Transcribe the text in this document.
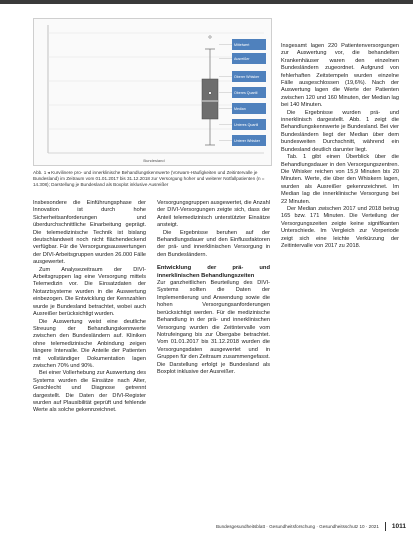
Mittelwert
Ausreißer
Oberer Whisker
Oberes Quartil
Median
Unteres Quartil
Unterer Whisker
Bundesland
Abb. 1 ◂ Kurvilinere pro- und innerklinische Behandlungskennwerte (Vorwarn-Häufigkeiten und Zeitintervalle je Bundesland) im Zeitraum vom 01.01.2017 bis 31.12.2018 zur Versorgung hoher und weiterer Notfallpatienten (n = 14.308); Darstellung je Bundesland als Boxplot inklusive Ausreißer

Insbesondere die Einführungsphase der Innovation ist durch hohe Sicherheitsanforderungen und überdurchschnittliche Einarbeitung geprägt. Die telemedizinische Technik ist bislang deutschlandweit noch nicht flächendeckend verfügbar. Für die Versorgungsauswertungen der DIVI-Arbeitsgruppen wurden 26.000 Fälle ausgewertet.

Zum Analysezeitraum der DIVI-Arbeitsgruppen lag eine Versorgung mittels Telemedizin vor. Die Einsatzdaten der Notarztsysteme wurden in die Auswertung einbezogen. Die Entwicklung der Kennzahlen wurde je Bundesland betrachtet, wobei auch Ausreißer berücksichtigt wurden.

Die Auswertung weist eine deutliche Streuung der Behandlungskennwerte zwischen den Bundesländern auf. Kliniken ohne telemedizinische Anbindung zeigen längere Intervalle. Die Anteile der Patienten mit vollständiger Dokumentation lagen zwischen 70% und 90%.

Bei einer Vollerhebung zur Auswertung des Systems wurden die Einsätze nach Alter, Geschlecht und Diagnose getrennt dargestellt. Die Daten der DIVI-Register wurden auf Plausibilität geprüft und fehlende Werte als solche gekennzeichnet.

Versorgungsgruppen ausgewertet, die Anzahl der DIVI-Versorgungen zeigte sich, dass der Anteil telemedizinisch unterstützter Einsätze ansteigt.

Die Ergebnisse beruhen auf der Behandlungsdauer und den Einflussfaktoren der prä- und innerklinischen Versorgung in den Bundesländern.

Entwicklung der prä- und innerklinischen Behandlungszeiten

Zur ganzheitlichen Beurteilung des DIVI-Systems sollten die Daten der Implementierung und Anwendung sowie die hohen Versorgungsanforderungen berücksichtigt werden. Für die medizinische Behandlung in der prä- und innerklinischen Versorgung wurden die Zeitintervalle vom Notrufeingang bis zur Übergabe betrachtet. Vom 01.01.2017 bis 31.12.2018 wurden die Versorgungsdaten ausgewertet und in Gruppen für den Zeitraum zusammengefasst. Die Darstellung erfolgt je Bundesland als Boxplot inklusive der Ausreißer.

Insgesamt lagen 220 Patientenversorgungen zur Auswertung vor, die behandelten Krankenhäuser waren den einzelnen Bundesländern zugeordnet. Aufgrund von fehlerhaften Zeitstempeln wurden einzelne Fälle ausgeschlossen (19,6%). Nach der Auswertung lagen die Werte der Patienten zwischen 120 und 160 Minuten, der Median lag bei 140 Minuten.

Die Ergebnisse wurden prä- und innerklinisch dargestellt. Abb. 1 zeigt die Behandlungskennwerte je Bundesland. Bei vier Bundesländern liegt der Median über dem bundesweiten Durchschnitt, während ein Bundesland deutlich darunter liegt.

Tab. 1 gibt einen Überblick über die Behandlungsdauer in den Versorgungszentren. Die Whisker reichen von 15,9 Minuten bis 20 Minuten. Werte, die über den Whiskern lagen, wurden als Ausreißer gekennzeichnet. Im Median lag die innerklinische Versorgung bei 22 Minuten.

Der Median zwischen 2017 und 2018 betrug 165 bzw. 171 Minuten. Die Verteilung der Versorgungszeiten zeigte keine signifikanten Unterschiede. Im Vergleich zur Vorperiode zeigt sich eine leichte Verkürzung der Zeitintervalle von 2017 zu 2018.

Bundesgesundheitsblatt · Gesundheitsforschung · Gesundheitsschutz 10 · 2021 1011
